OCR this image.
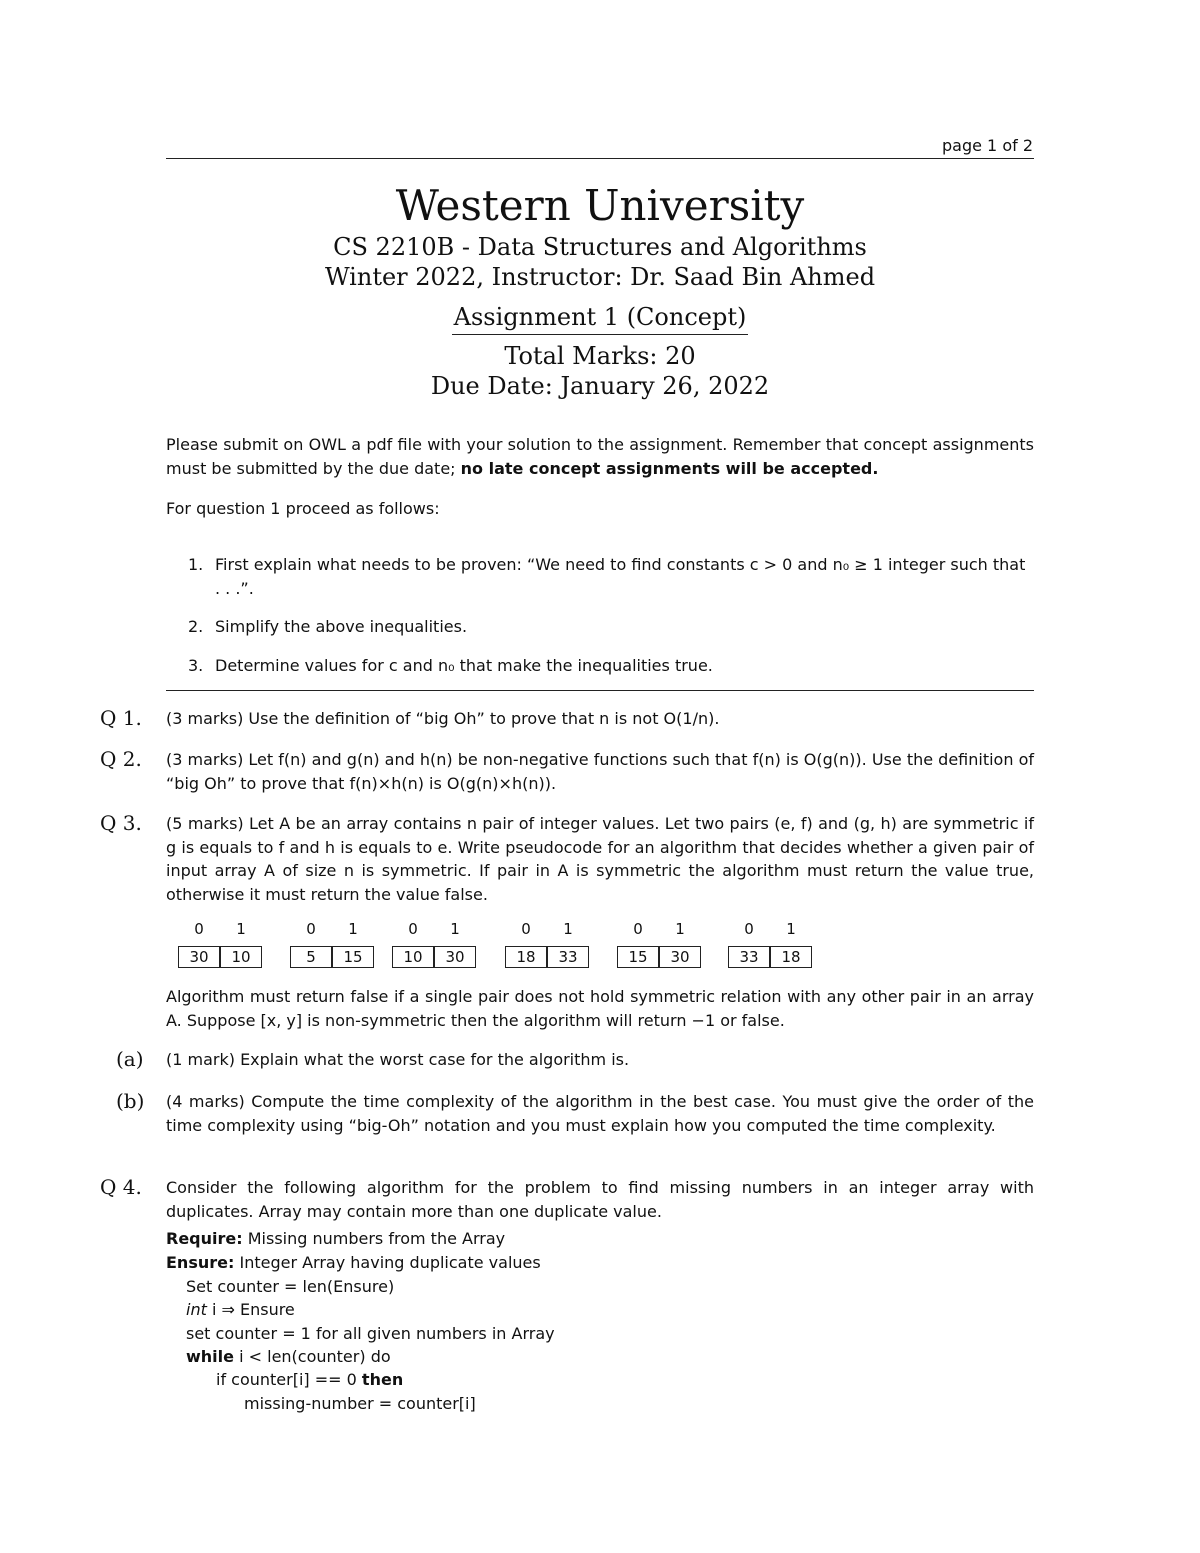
page 1 of 2
Western University
CS 2210B - Data Structures and Algorithms
Winter 2022, Instructor: Dr. Saad Bin Ahmed
Assignment 1 (Concept)
Total Marks: 20
Due Date: January 26, 2022
Please submit on OWL a pdf file with your solution to the assignment. Remember that concept assignments must be submitted by the due date; no late concept assignments will be accepted.
For question 1 proceed as follows:
1. First explain what needs to be proven: “We need to find constants c > 0 and n₀ ≥ 1 integer such that . . .”.
2. Simplify the above inequalities.
3. Determine values for c and n₀ that make the inequalities true.
Q 1. (3 marks) Use the definition of “big Oh” to prove that n is not O(1/n).
Q 2. (3 marks) Let f(n) and g(n) and h(n) be non-negative functions such that f(n) is O(g(n)). Use the definition of “big Oh” to prove that f(n)×h(n) is O(g(n)×h(n)).
Q 3. (5 marks) Let A be an array contains n pair of integer values. Let two pairs (e, f) and (g, h) are symmetric if g is equals to f and h is equals to e. Write pseudocode for an algorithm that decides whether a given pair of input array A of size n is symmetric. If pair in A is symmetric the algorithm must return the value true, otherwise it must return the value false.
0	1
30	10
0	1
5	15
0	1
10	30
0	1
18	33
0	1
15	30
0	1
33	18
Algorithm must return false if a single pair does not hold symmetric relation with any other pair in an array A. Suppose [x, y] is non-symmetric then the algorithm will return −1 or false.
(a) (1 mark) Explain what the worst case for the algorithm is.
(b) (4 marks) Compute the time complexity of the algorithm in the best case. You must give the order of the time complexity using “big-Oh” notation and you must explain how you computed the time complexity.
Q 4. Consider the following algorithm for the problem to find missing numbers in an integer array with duplicates. Array may contain more than one duplicate value.
Require: Missing numbers from the Array
Ensure: Integer Array having duplicate values
Set counter = len(Ensure)
int i ⇒ Ensure
set counter = 1 for all given numbers in Array
while i < len(counter) do
if counter[i] == 0 then
missing-number = counter[i]
